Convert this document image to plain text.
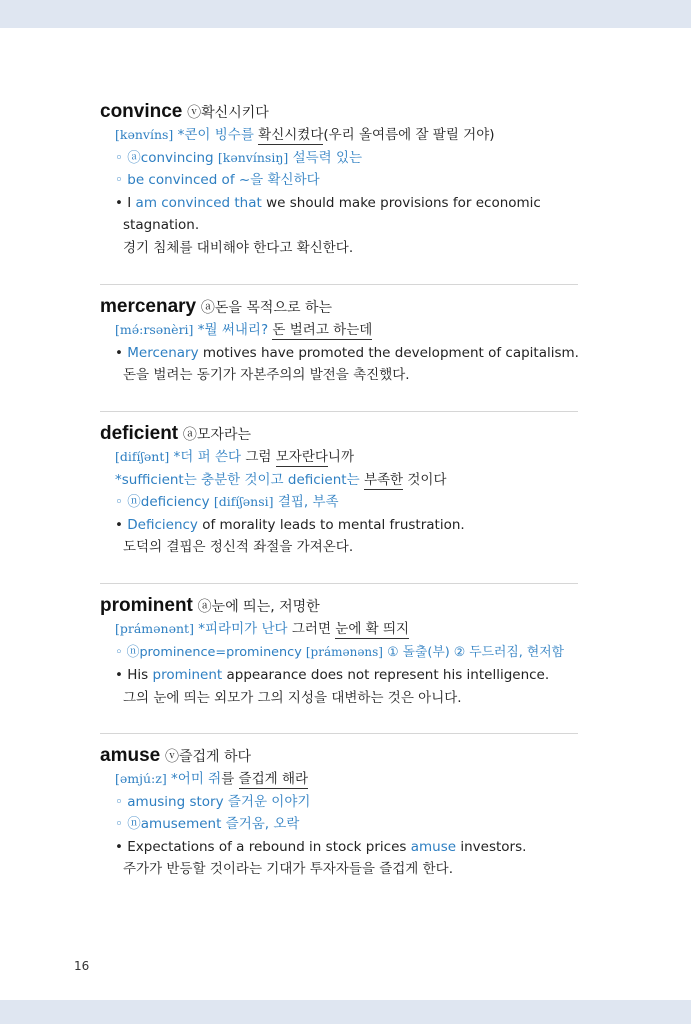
convince ⓥ확신시키다
[kənvíns] *콘이 빙수를 확신시켰다(우리 올여름에 잘 팔릴 거야)
◦ ⓐconvincing [kənvínsiŋ] 설득력 있는
◦ be convinced of ~을 확신하다
• I am convinced that we should make provisions for economic stagnation.
경기 침체를 대비해야 한다고 확신한다.
mercenary ⓐ돈을 목적으로 하는
[mə́:rsənèri] *뭘 써내리? 돈 벌려고 하는데
• Mercenary motives have promoted the development of capitalism.
돈을 벌려는 동기가 자본주의의 발전을 촉진했다.
deficient ⓐ모자라는
[difíʃənt] *더 퍼 쓴다 그럼 모자란다니까
*sufficient는 충분한 것이고 deficient는 부족한 것이다
◦ ⓝdeficiency [difíʃənsi] 결핍, 부족
• Deficiency of morality leads to mental frustration.
도덕의 결핍은 정신적 좌절을 가져온다.
prominent ⓐ눈에 띄는, 저명한
[prámənənt] *피라미가 난다 그러면 눈에 확 띄지
◦ ⓝprominence=prominency [prámənəns] ① 돌출(부) ② 두드러짐, 현저함
• His prominent appearance does not represent his intelligence.
그의 눈에 띄는 외모가 그의 지성을 대변하는 것은 아니다.
amuse ⓥ즐겁게 하다
[əmjú:z] *어미 쥐를 즐겁게 해라
◦ amusing story 즐거운 이야기
◦ ⓝamusement 즐거움, 오락
• Expectations of a rebound in stock prices amuse investors.
주가가 반등할 것이라는 기대가 투자자들을 즐겁게 한다.
16
